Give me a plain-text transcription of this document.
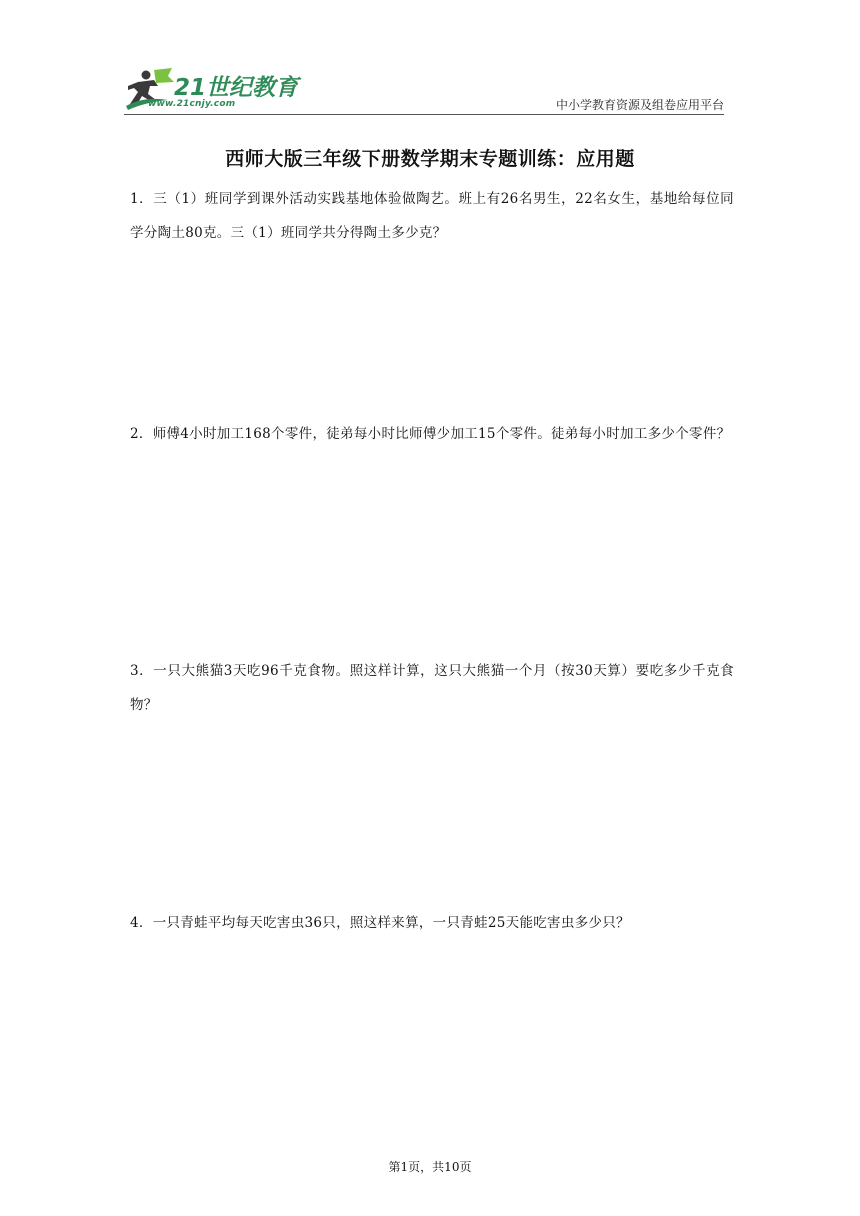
21世纪教育
www.21cnjy.com	中小学教育资源及组卷应用平台
西师大版三年级下册数学期末专题训练：应用题
1．三（1）班同学到课外活动实践基地体验做陶艺。班上有26名男生，22名女生，基地给每位同学分陶土80克。三（1）班同学共分得陶土多少克？
2．师傅4小时加工168个零件，徒弟每小时比师傅少加工15个零件。徒弟每小时加工多少个零件？
3．一只大熊猫3天吃96千克食物。照这样计算，这只大熊猫一个月（按30天算）要吃多少千克食物？
4．一只青蛙平均每天吃害虫36只，照这样来算，一只青蛙25天能吃害虫多少只？
第1页，共10页
